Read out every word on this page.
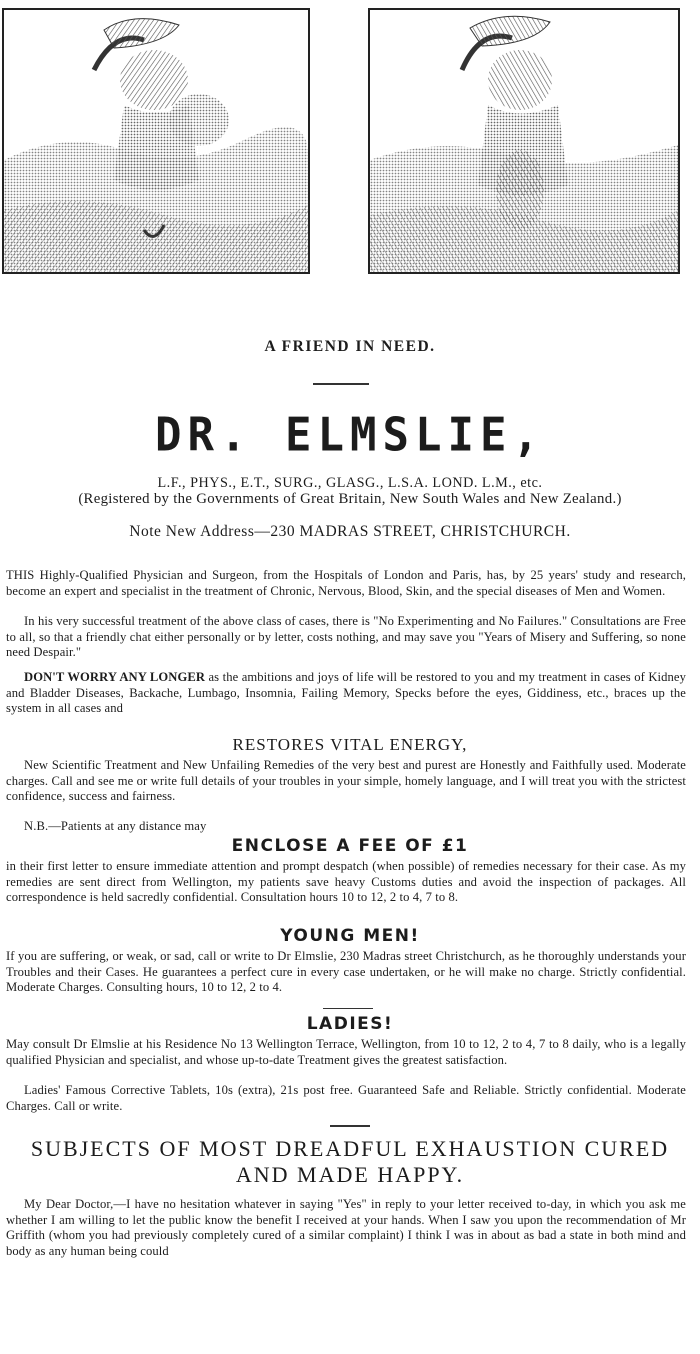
A FRIEND IN NEED.
DR. ELMSLIE,
L.F., PHYS., E.T., SURG., GLASG., L.S.A. LOND. L.M., etc.
(Registered by the Governments of Great Britain, New South Wales and New Zealand.)
Note New Address—230 MADRAS STREET, CHRISTCHURCH.
THIS Highly-Qualified Physician and Surgeon, from the Hospitals of London and Paris, has, by 25 years' study and research, become an expert and specialist in the treatment of Chronic, Nervous, Blood, Skin, and the special diseases of Men and Women.
In his very successful treatment of the above class of cases, there is "No Experimenting and No Failures." Consultations are Free to all, so that a friendly chat either personally or by letter, costs nothing, and may save you "Years of Misery and Suffering, so none need Despair."
DON'T WORRY ANY LONGER as the ambitions and joys of life will be restored to you and my treatment in cases of Kidney and Bladder Diseases, Backache, Lumbago, Insomnia, Failing Memory, Specks before the eyes, Giddiness, etc., braces up the system in all cases and
RESTORES VITAL ENERGY,
New Scientific Treatment and New Unfailing Remedies of the very best and purest are Honestly and Faithfully used. Moderate charges. Call and see me or write full details of your troubles in your simple, homely language, and I will treat you with the strictest confidence, success and fairness.
N.B.—Patients at any distance may
ENCLOSE A FEE OF £1
in their first letter to ensure immediate attention and prompt despatch (when possible) of remedies necessary for their case. As my remedies are sent direct from Wellington, my patients save heavy Customs duties and avoid the inspection of packages. All correspondence is held sacredly confidential. Consultation hours 10 to 12, 2 to 4, 7 to 8.
YOUNG MEN!
If you are suffering, or weak, or sad, call or write to Dr Elmslie, 230 Madras street Christchurch, as he thoroughly understands your Troubles and their Cases. He guarantees a perfect cure in every case undertaken, or he will make no charge. Strictly confidential. Moderate Charges. Consulting hours, 10 to 12, 2 to 4.
LADIES!
May consult Dr Elmslie at his Residence No 13 Wellington Terrace, Wellington, from 10 to 12, 2 to 4, 7 to 8 daily, who is a legally qualified Physician and specialist, and whose up-to-date Treatment gives the greatest satisfaction.
Ladies' Famous Corrective Tablets, 10s (extra), 21s post free. Guaranteed Safe and Reliable. Strictly confidential. Moderate Charges. Call or write.
SUBJECTS OF MOST DREADFUL EXHAUSTION CURED AND MADE HAPPY.
My Dear Doctor,—I have no hesitation whatever in saying "Yes" in reply to your letter received to-day, in which you ask me whether I am willing to let the public know the benefit I received at your hands. When I saw you upon the recommendation of Mr Griffith (whom you had previously completely cured of a similar complaint) I think I was in about as bad a state in both mind and body as any human being could
